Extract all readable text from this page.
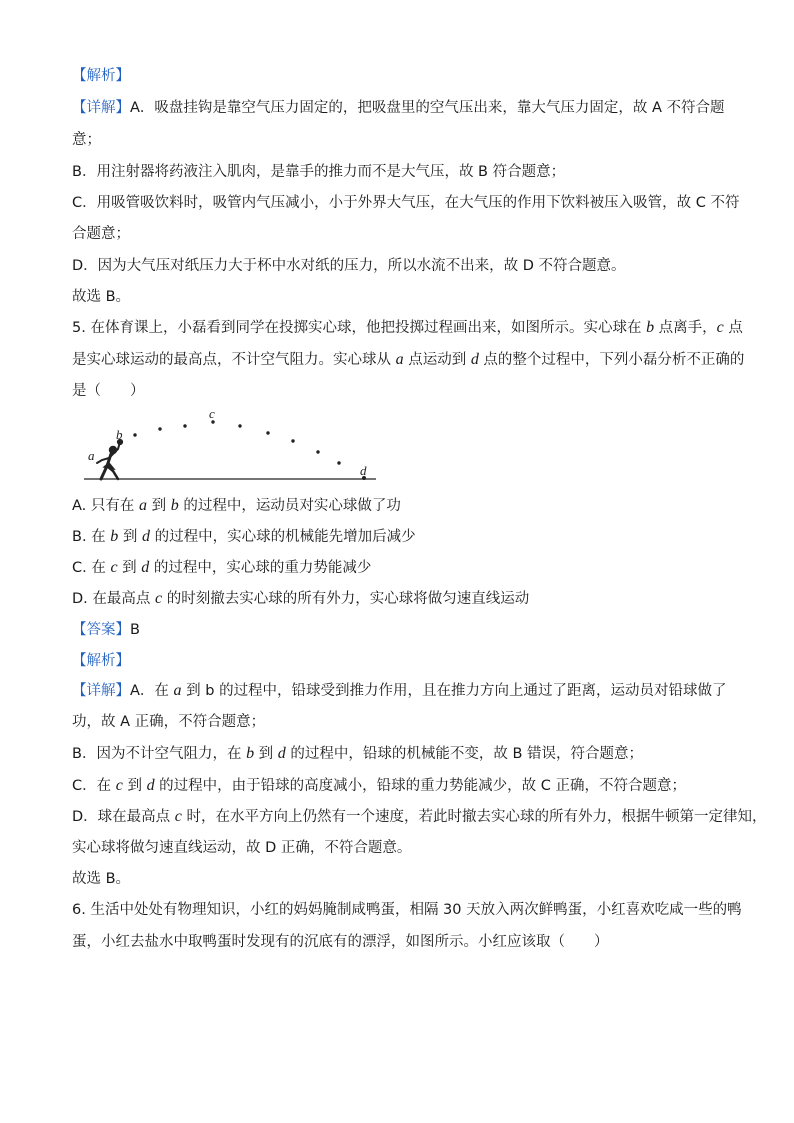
【解析】
【详解】A．吸盘挂钩是靠空气压力固定的，把吸盘里的空气压出来，靠大气压力固定，故 A 不符合题
意；
B．用注射器将药液注入肌肉，是靠手的推力而不是大气压，故 B 符合题意；
C．用吸管吸饮料时，吸管内气压减小，小于外界大气压，在大气压的作用下饮料被压入吸管，故 C 不符
合题意；
D．因为大气压对纸压力大于杯中水对纸的压力，所以水流不出来，故 D 不符合题意。
故选 B。
5. 在体育课上，小磊看到同学在投掷实心球，他把投掷过程画出来，如图所示。实心球在 b 点离手，c 点
是实心球运动的最高点，不计空气阻力。实心球从 a 点运动到 d 点的整个过程中，下列小磊分析不正确的
是（　　）
A. 只有在 a 到 b 的过程中，运动员对实心球做了功
B. 在 b 到 d 的过程中，实心球的机械能先增加后减少
C. 在 c 到 d 的过程中，实心球的重力势能减少
D. 在最高点 c 的时刻撤去实心球的所有外力，实心球将做匀速直线运动
【答案】B
【解析】
【详解】A．在 a 到 b 的过程中，铅球受到推力作用，且在推力方向上通过了距离，运动员对铅球做了
功，故 A 正确，不符合题意；
B．因为不计空气阻力，在 b 到 d 的过程中，铅球的机械能不变，故 B 错误，符合题意；
C．在 c 到 d 的过程中，由于铅球的高度减小，铅球的重力势能减少，故 C 正确，不符合题意；
D．球在最高点 c 时，在水平方向上仍然有一个速度，若此时撤去实心球的所有外力，根据牛顿第一定律知，
实心球将做匀速直线运动，故 D 正确，不符合题意。
故选 B。
6. 生活中处处有物理知识，小红的妈妈腌制咸鸭蛋，相隔 30 天放入两次鲜鸭蛋，小红喜欢吃咸一些的鸭
蛋，小红去盐水中取鸭蛋时发现有的沉底有的漂浮，如图所示。小红应该取（　　）
a
b
c
d
